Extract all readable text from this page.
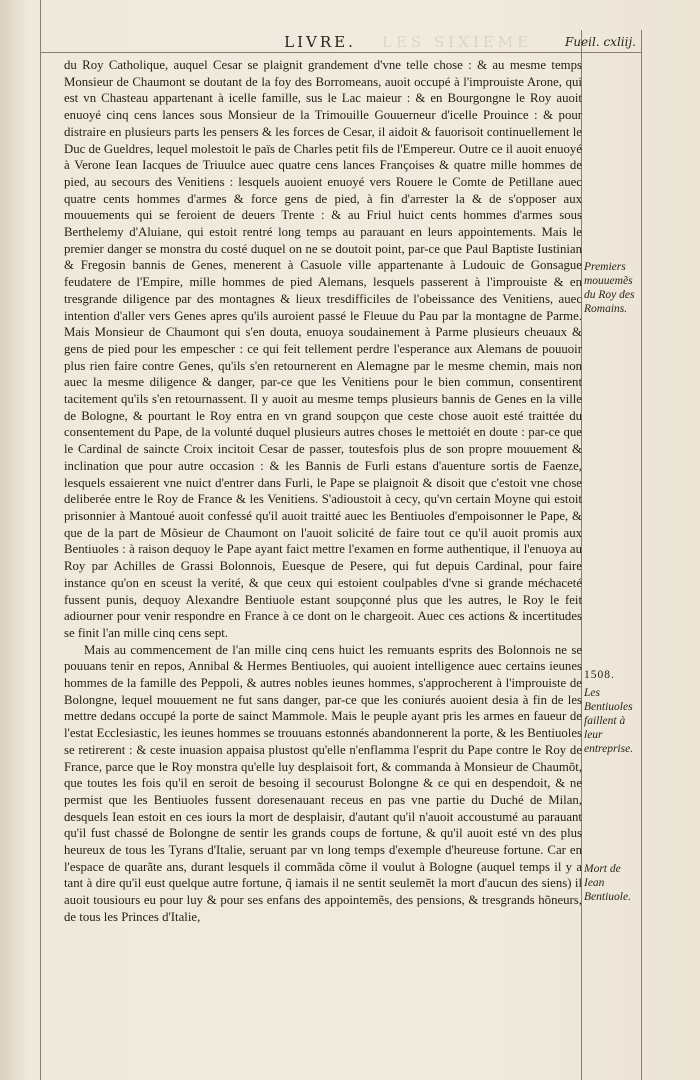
LES SIXIEME
LIVRE.	Fueil. cxliij.

du Roy Catholique, auquel Cesar se plaignit grandement d'vne telle chose : & au mesme temps Monsieur de Chaumont se doutant de la foy des Borromeans, auoit occupé à l'improuiste Arone, qui est vn Chasteau appartenant à icelle famille, sus le Lac maieur : & en Bourgongne le Roy auoit enuoyé cinq cens lances sous Monsieur de la Trimouille Gouuerneur d'icelle Prouince : & pour distraire en plusieurs parts les pensers & les forces de Cesar, il aidoit & fauorisoit continuellement le Duc de Gueldres, lequel molestoit le païs de Charles petit fils de l'Empereur. Outre ce il auoit enuoyé à Verone Iean Iacques de Triuulce auec quatre cens lances Françoises & quatre mille hommes de pied, au secours des Venitiens : lesquels auoient enuoyé vers Rouere le Comte de Petillane auec quatre cents hommes d'armes & force gens de pied, à fin d'arrester la & de s'opposer aux mouuements qui se feroient de deuers Trente : & au Friul huict cents hommes d'armes sous Berthelemy d'Aluiane, qui estoit rentré long temps au parauant en leurs appointements. Mais le premier danger se monstra du costé duquel on ne se doutoit point, par-ce que Paul Baptiste Iustinian & Fregosin bannis de Genes, menerent à Casuole ville appartenante à Ludouic de Gonsague feudatere de l'Empire, mille hommes de pied Alemans, lesquels passerent à l'improuiste & en tresgrande diligence par des montagnes & lieux tresdifficiles de l'obeissance des Venitiens, auec intention d'aller vers Genes apres qu'ils auroient passé le Fleuue du Pau par la montagne de Parme. Mais Monsieur de Chaumont qui s'en douta, enuoya soudainement à Parme plusieurs cheuaux & gens de pied pour les empescher : ce qui feit tellement perdre l'esperance aux Alemans de pouuoir plus rien faire contre Genes, qu'ils s'en retournerent en Alemagne par le mesme chemin, mais non auec la mesme diligence & danger, par-ce que les Venitiens pour le bien commun, consentirent tacitement qu'ils s'en retournassent. Il y auoit au mesme temps plusieurs bannis de Genes en la ville de Bologne, & pourtant le Roy entra en vn grand soupçon que ceste chose auoit esté traittée du consentement du Pape, de la volunté duquel plusieurs autres choses le mettoiét en doute : par-ce que le Cardinal de saincte Croix incitoit Cesar de passer, toutesfois plus de son propre mouuement & inclination que pour autre occasion : & les Bannis de Furli estans d'auenture sortis de Faenze, lesquels essaierent vne nuict d'entrer dans Furli, le Pape se plaignoit & disoit que c'estoit vne chose deliberée entre le Roy de France & les Venitiens. S'adioustoit à cecy, qu'vn certain Moyne qui estoit prisonnier à Mantoué auoit confessé qu'il auoit traitté auec les Bentiuoles d'empoisonner le Pape, & que de la part de Mõsieur de Chaumont on l'auoit solicité de faire tout ce qu'il auoit promis aux Bentiuoles : à raison dequoy le Pape ayant faict mettre l'examen en forme authentique, il l'enuoya au Roy par Achilles de Grassi Bolonnois, Euesque de Pesere, qui fut depuis Cardinal, pour faire instance qu'on en sceust la verité, & que ceux qui estoient coulpables d'vne si grande méchaceté fussent punis, dequoy Alexandre Bentiuole estant soupçonné plus que les autres, le Roy le feit adiourner pour venir respondre en France à ce dont on le chargeoit. Auec ces actions & incertitudes se finit l'an mille cinq cens sept.

Mais au commencement de l'an mille cinq cens huict les remuants esprits des Bolonnois ne se pouuans tenir en repos, Annibal & Hermes Bentiuoles, qui auoient intelligence auec certains ieunes hommes de la famille des Peppoli, & autres nobles ieunes hommes, s'approcherent à l'improuiste de Bolongne, lequel mouuement ne fut sans danger, par-ce que les coniurés auoient desia à fin de les mettre dedans occupé la porte de sainct Mammole. Mais le peuple ayant pris les armes en faueur de l'estat Ecclesiastic, les ieunes hommes se trouuans estonnés abandonnerent la porte, & les Bentiuoles se retirerent : & ceste inuasion appaisa plustost qu'elle n'enflamma l'esprit du Pape contre le Roy de France, parce que le Roy monstra qu'elle luy desplaisoit fort, & commanda à Monsieur de Chaumõt, que toutes les fois qu'il en seroit de besoing il secourust Bolongne & ce qui en despendoit, & ne permist que les Bentiuoles fussent doresenauant receus en pas vne partie du Duché de Milan, desquels Iean estoit en ces iours la mort de desplaisir, d'autant qu'il n'auoit accoustumé au parauant qu'il fust chassé de Bolongne de sentir les grands coups de fortune, & qu'il auoit esté vn des plus heureux de tous les Tyrans d'Italie, seruant par vn long temps d'exemple d'heureuse fortune. Car en l'espace de quarãte ans, durant lesquels il commãda cõme il voulut à Bologne (auquel temps il y a tant à dire qu'il eust quelque autre fortune, q̃ iamais il ne sentit seulemẽt la mort d'aucun des siens) il auoit tousiours eu pour luy & pour ses enfans des appointemẽs, des pensions, & tresgrands hõneurs, de tous les Princes d'Italie,

Premiers mouuemẽs du Roy des Romains.
1508.
Les Bentiuoles faillent à leur entreprise.
Mort de Iean Bentiuole.
